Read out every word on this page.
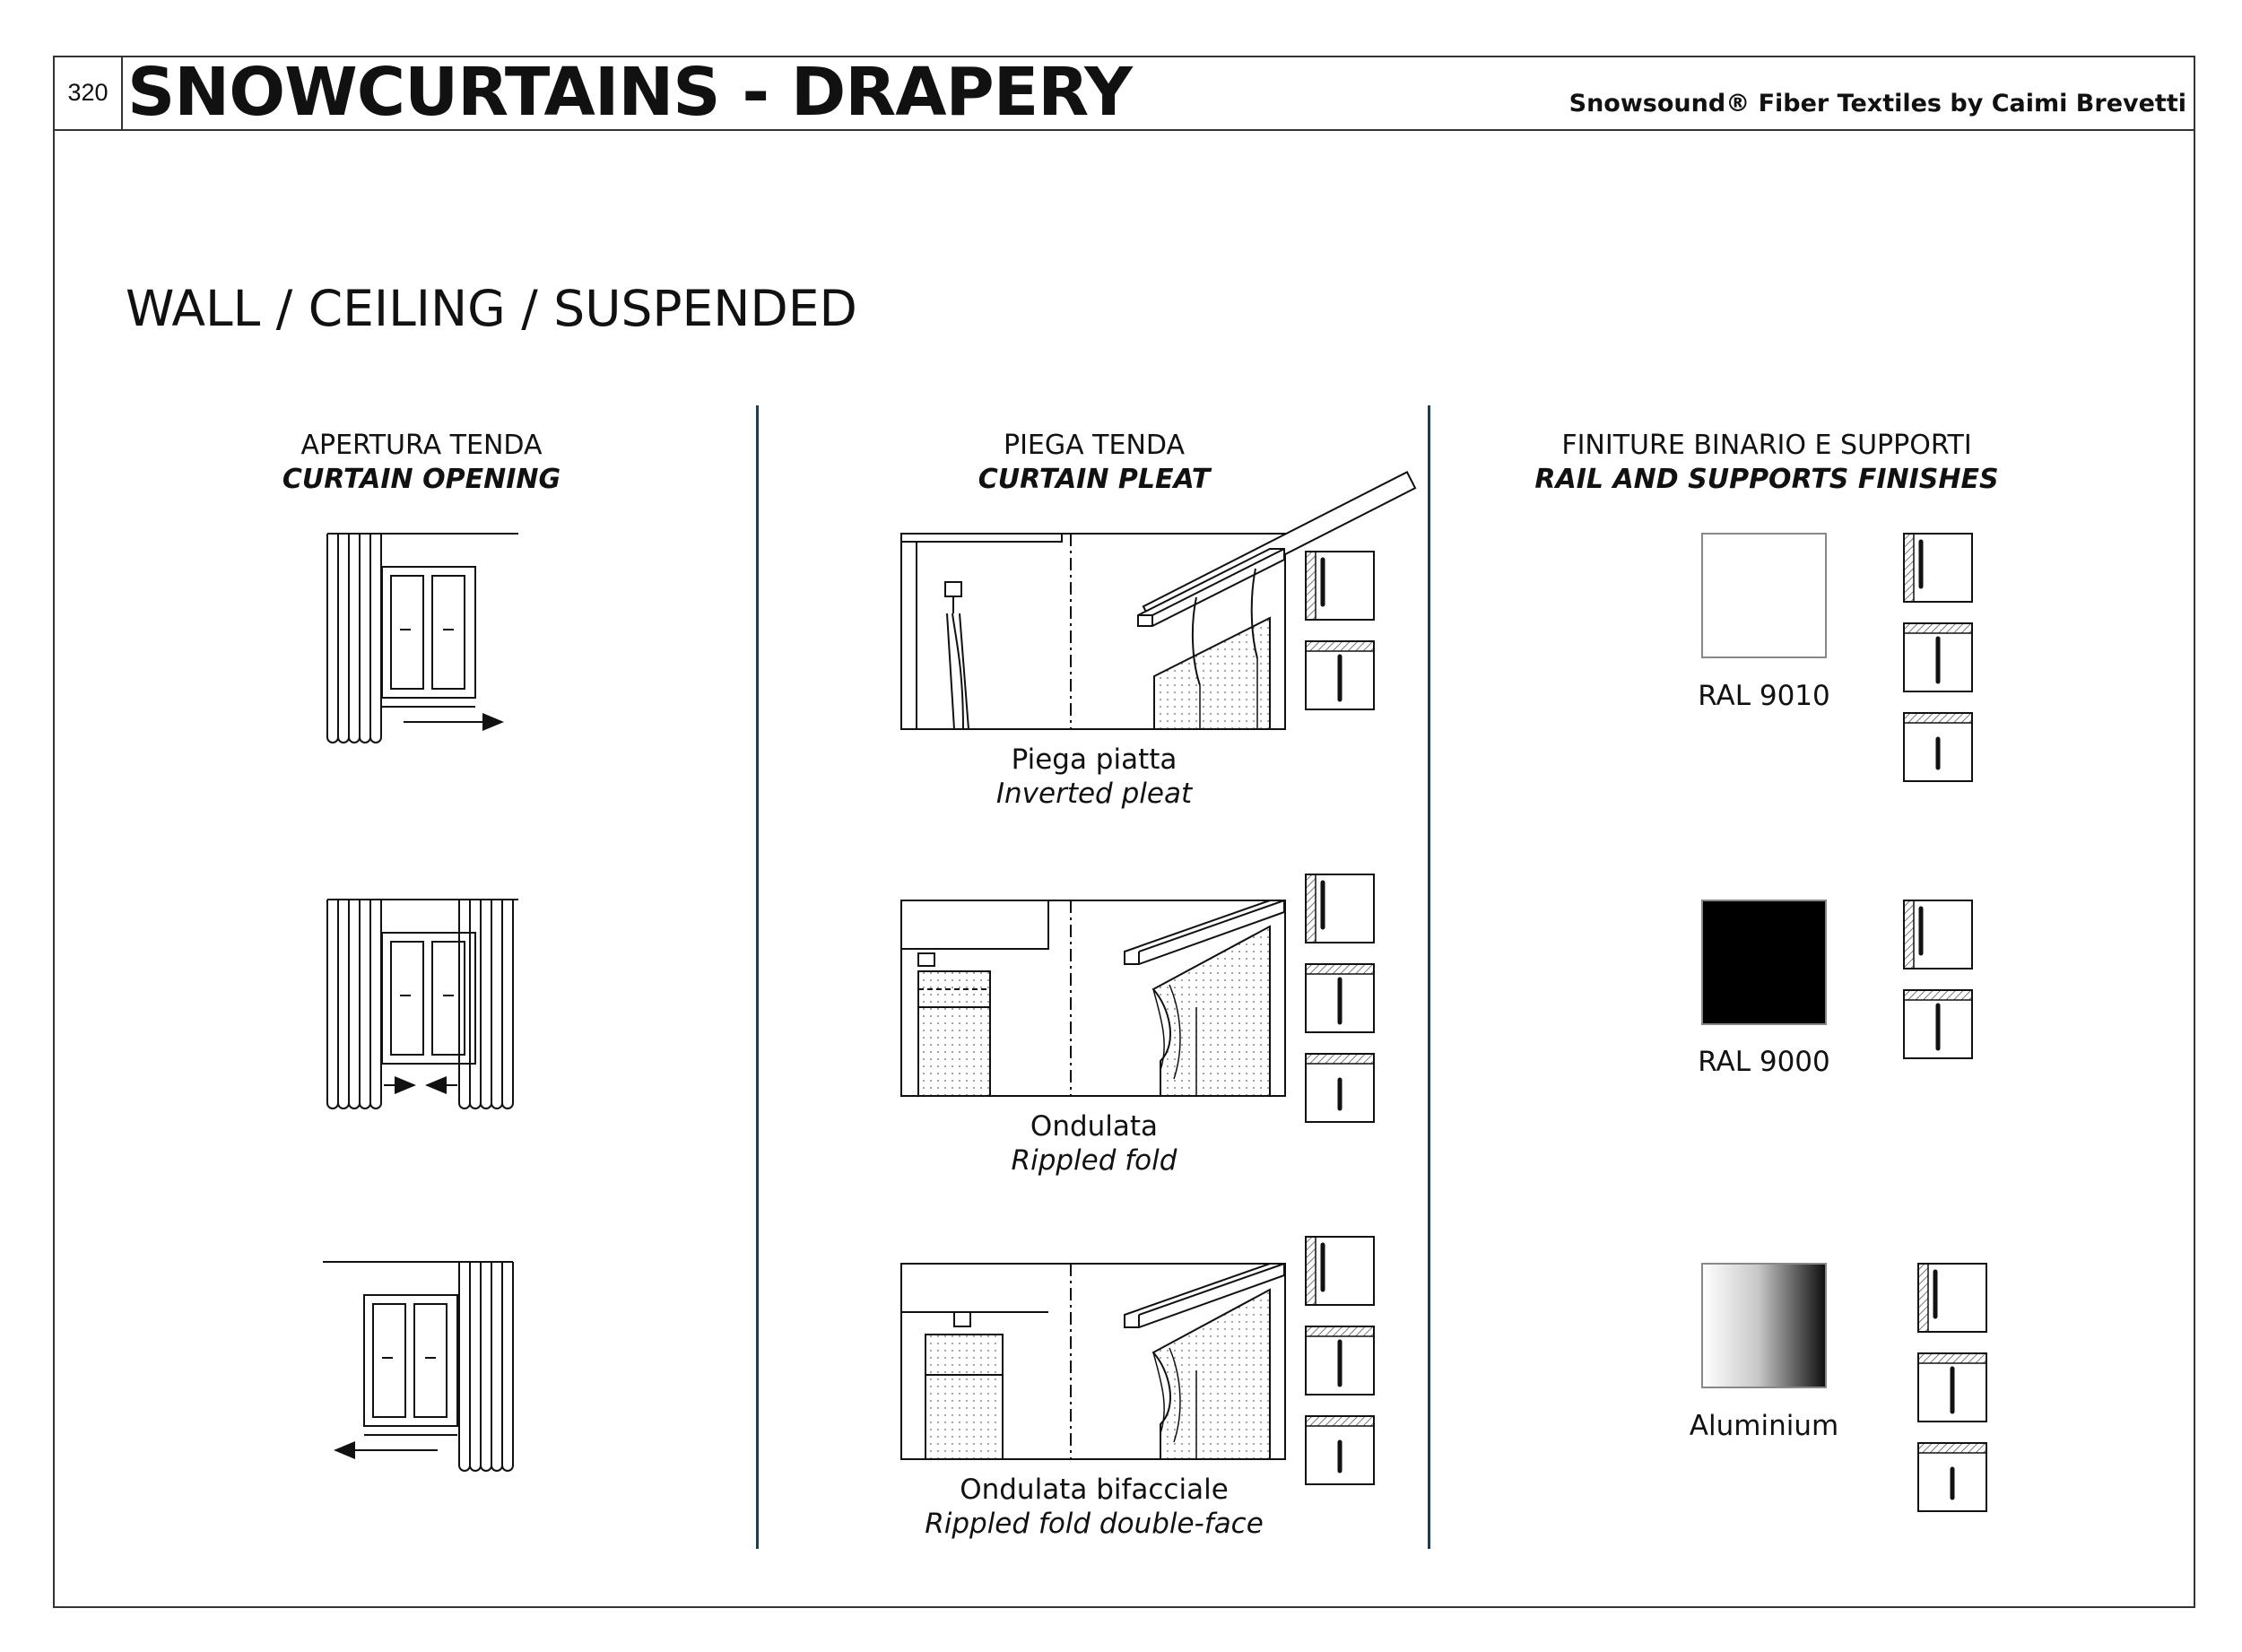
320 SNOWCURTAINS - DRAPERY	Snowsound® Fiber Textiles by Caimi Brevetti
WALL / CEILING / SUSPENDED
APERTURA TENDA
CURTAIN OPENING
PIEGA TENDA
CURTAIN PLEAT
FINITURE BINARIO E SUPPORTI
RAIL AND SUPPORTS FINISHES
Piega piatta
Inverted pleat
Ondulata
Rippled fold
Ondulata bifacciale
Rippled fold double-face
RAL 9010
RAL 9000
Aluminium
